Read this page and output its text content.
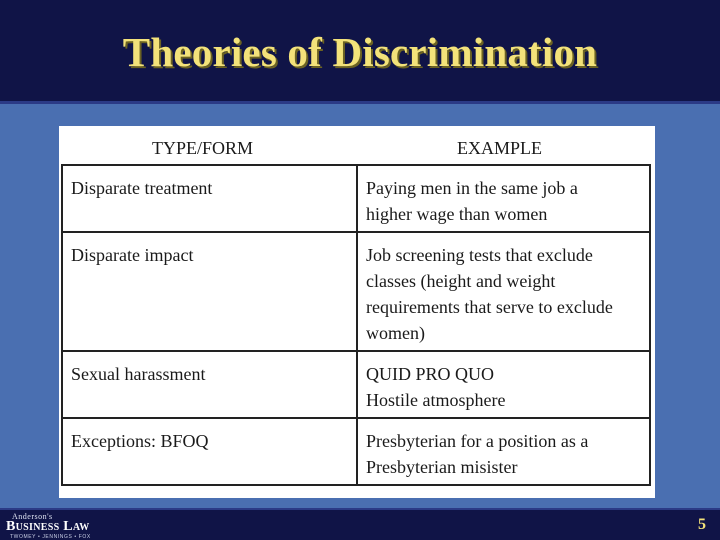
Theories of Discrimination
TYPE/FORM	EXAMPLE
Disparate treatment	Paying men in the same job a
higher wage than women

Disparate impact	Job screening tests that exclude
classes (height and weight
requirements that serve to exclude
women)

Sexual harassment	QUID PRO QUO
Hostile atmosphere

Exceptions: BFOQ	Presbyterian for a position as a
Presbyterian misister
Anderson's
Business Law
TWOMEY • JENNINGS • FOX
5
